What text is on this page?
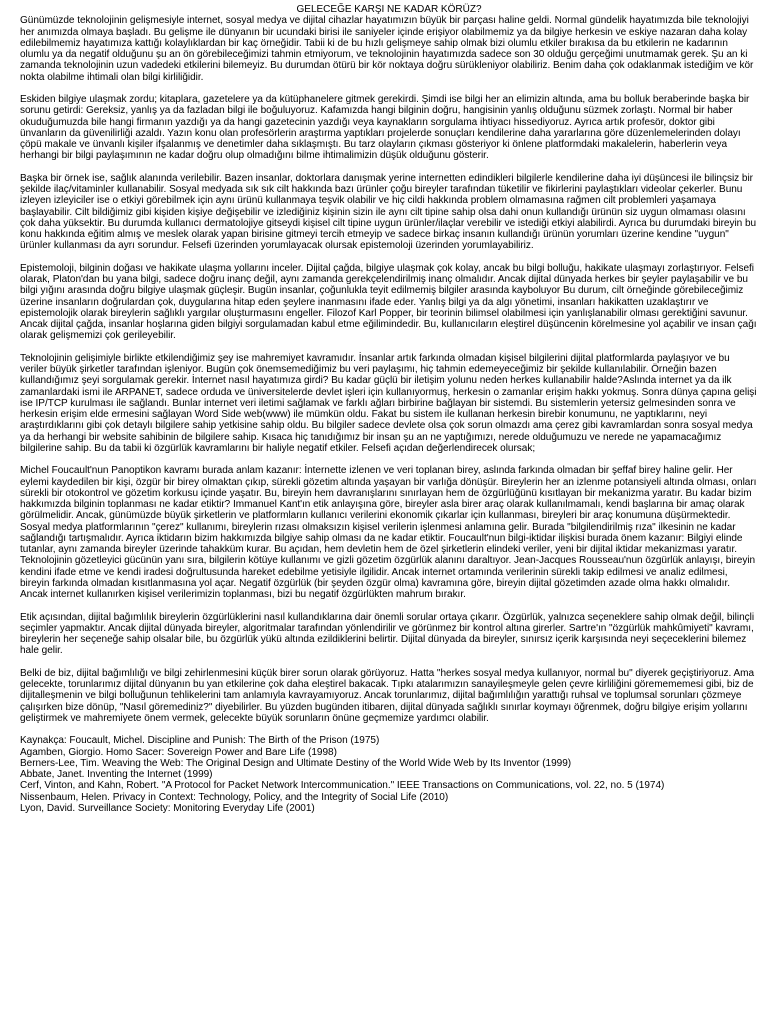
GELECEĞE KARŞI NE KADAR KÖRÜZ?

Günümüzde teknolojinin gelişmesiyle internet, sosyal medya ve dijital cihazlar hayatımızın büyük bir parçası haline geldi. Normal gündelik hayatımızda bile teknolojiyi her anımızda olmaya başladı. Bu gelişme ile dünyanın bir ucundaki birisi ile saniyeler içinde erişiyor olabilmemiz ya da bilgiye herkesin ve eskiye nazaran daha kolay edilebilmemiz hayatımıza kattığı kolaylıklardan bir kaç örneğidir. Tabii ki de bu hızlı gelişmeye sahip olmak bizi olumlu etkiler bırakısa da bu etkilerin ne kadarının olumlu ya da negatif olduğunu şu an ön görebileceğimizi tahmin etmiyorum, ve teknolojinin hayatımızda sadece son 30 olduğu gerçeğimi unutmamak gerek. Şu an ki zamanda teknolojinin uzun vadedeki etkilerini bilemeyiz. Bu durumdan ötürü bir kör noktaya doğru sürükleniyor olabiliriz. Benim daha çok odaklanmak istediğim ve kör nokta olabilme ihtimali olan bilgi kirliliğidir.

Eskiden bilgiye ulaşmak zordu; kitaplara, gazetelere ya da kütüphanelere gitmek gerekirdi. Şimdi ise bilgi her an elimizin altında, ama bu bolluk beraberinde başka bir sorunu getirdi: Gereksiz, yanlış ya da fazladan bilgi ile boğuluyoruz. Kafamızda hangi bilginin doğru, hangisinin yanlış olduğunu süzmek zorlaştı. Normal bir haber okuduğumuzda bile hangi firmanın yazdığı ya da hangi gazetecinin yazdığı veya kaynakların sorgulama ihtiyacı hissediyoruz. Ayrıca artık profesör, doktor gibi ünvanların da güvenilirliği azaldı. Yazın konu olan profesörlerin araştırma yaptıkları projelerde sonuçları kendilerine daha yararlarına göre düzenlemelerinden dolayı çöpü makale ve ünvanlı kişiler ifşalanmış ve denetimler daha sıklaşmıştı. Bu tarz olayların çıkması gösteriyor ki önlene platformdaki makalelerin, haberlerin veya herhangi bir bilgi paylaşımının ne kadar doğru olup olmadığını bilme ihtimalimizin düşük olduğunu gösterir.

Başka bir örnek ise, sağlık alanında verilebilir. Bazen insanlar, doktorlara danışmak yerine internetten edindikleri bilgilerle kendilerine daha iyi düşüncesi ile bilinçsiz bir şekilde ilaç/vitaminler kullanabilir. Sosyal medyada sık sık cilt hakkında bazı ürünler çoğu bireyler tarafından tüketilir ve fikirlerini paylaştıkları videolar çekerler. Bunu izleyen izleyiciler ise o etkiyi görebilmek için aynı ürünü kullanmaya teşvik olabilir ve hiç cildi hakkında problem olmamasına rağmen cilt problemleri yaşamaya başlayabilir. Cilt bildiğimiz gibi kişiden kişiye değişebilir ve izlediğiniz kişinin sizin ile aynı cilt tipine sahip olsa dahi onun kullandığı ürünün siz uygun olmaması olasını çok daha yüksektir. Bu durumda kullanıcı dermatolojiye gitseydi kişisel cilt tipine uygun ürünler/ilaçlar verebilir ve istediği etkiyi alabilirdi. Ayrıca bu durumdaki bireyin bu konu hakkında eğitim almış ve meslek olarak yapan birisine gitmeyi tercih etmeyip ve sadece birkaç insanın kullandığı ürünün yorumları üzerine kendine "uygun" ürünler kullanması da ayrı sorundur. Felsefi üzerinden yorumlayacak olursak epistemoloji üzerinden yorumlayabiliriz.

Epistemoloji, bilginin doğası ve hakikate ulaşma yollarını inceler. Dijital çağda, bilgiye ulaşmak çok kolay, ancak bu bilgi bolluğu, hakikate ulaşmayı zorlaştırıyor. Felsefi olarak, Platon'dan bu yana bilgi, sadece doğru inanç değil, aynı zamanda gerekçelendirilmiş inanç olmalıdır. Ancak dijital dünyada herkes bir şeyler paylaşabilir ve bu bilgi yığını arasında doğru bilgiye ulaşmak güçleşir. Bugün insanlar, çoğunlukla teyit edilmemiş bilgiler arasında kayboluyor Bu durum, cilt örneğinde görebileceğimiz üzerine insanların doğrulardan çok, duygularına hitap eden şeylere inanmasını ifade eder. Yanlış bilgi ya da algı yönetimi, insanları hakikatten uzaklaştırır ve epistemolojik olarak bireylerin sağlıklı yargılar oluşturmasını engeller. Filozof Karl Popper, bir teorinin bilimsel olabilmesi için yanlışlanabilir olması gerektiğini savunur. Ancak dijital çağda, insanlar hoşlarına giden bilgiyi sorgulamadan kabul etme eğilimindedir. Bu, kullanıcıların eleştirel düşüncenin körelmesine yol açabilir ve insan çağı olarak gelişmemizi çok gerileyebilir.

Teknolojinin gelişimiyle birlikte etkilendiğimiz şey ise mahremiyet kavramıdır. İnsanlar artık farkında olmadan kişisel bilgilerini dijital platformlarda paylaşıyor ve bu veriler büyük şirketler tarafından işleniyor. Bugün çok önemsemediğimiz bu veri paylaşımı, hiç tahmin edemeyeceğimiz bir şekilde kullanılabilir. Örneğin bazen kullandığımız şeyi sorgulamak gerekir. İnternet nasıl hayatımıza girdi? Bu kadar güçlü bir iletişim yolunu neden herkes kullanabilir halde?Aslında internet ya da ilk zamanlardaki ismi ile ARPANET, sadece orduda ve üniversitelerde devlet işleri için kullanıyormuş, herkesin o zamanlar erişim hakkı yokmuş. Sonra dünya çapına gelişi ise IP/TCP kurulması ile sağlandı. Bunlar internet veri iletimi sağlamak ve farklı ağları birbirine bağlayan bir sistemdi. Bu sistemlerin yetersiz gelmesinden sonra ve herkesin erişim elde ermesini sağlayan Word Side web(www) ile mümkün oldu. Fakat bu sistem ile kullanan herkesin birebir konumunu, ne yaptıklarını, neyi araştırdıklarını gibi çok detaylı bilgilere sahip yetkisine sahip oldu. Bu bilgiler sadece devlete olsa çok sorun olmazdı ama çerez gibi kavramlardan sonra sosyal medya ya da herhangi bir website sahibinin de bilgilere sahip. Kısaca hiç tanıdığımız bir insan şu an ne yaptığımızı, nerede olduğumuzu ve nerede ne yapamacağımız bilgilerine sahip. Bu da tabii ki özgürlük kavramlarını bir haliyle negatif etkiler. Felsefi açıdan değerlendirecek olursak;

Michel Foucault'nun Panoptikon kavramı burada anlam kazanır: İnternette izlenen ve veri toplanan birey, aslında farkında olmadan bir şeffaf birey haline gelir. Her eylemi kaydedilen bir kişi, özgür bir birey olmaktan çıkıp, sürekli gözetim altında yaşayan bir varlığa dönüşür. Bireylerin her an izlenme potansiyeli altında olması, onları sürekli bir otokontrol ve gözetim korkusu içinde yaşatır. Bu, bireyin hem davranışlarını sınırlayan hem de özgürlüğünü kısıtlayan bir mekanizma yaratır. Bu kadar bizim hakkımızda bilginin toplanması ne kadar etiktir? Immanuel Kant'ın etik anlayışına göre, bireyler asla birer araç olarak kullanılmamalı, kendi başlarına bir amaç olarak görülmelidir. Ancak, günümüzde büyük şirketlerin ve platformların kullanıcı verilerini ekonomik çıkarlar için kullanması, bireyleri bir araç konumuna düşürmektedir. Sosyal medya platformlarının "çerez" kullanımı, bireylerin rızası olmaksızın kişisel verilerin işlenmesi anlamına gelir. Burada "bilgilendirilmiş rıza" ilkesinin ne kadar sağlandığı tartışmalıdır. Ayrıca iktidarın bizim hakkımızda bilgiye sahip olması da ne kadar etiktir. Foucault'nun bilgi-iktidar ilişkisi burada önem kazanır: Bilgiyi elinde tutanlar, aynı zamanda bireyler üzerinde tahakküm kurar. Bu açıdan, hem devletin hem de özel şirketlerin elindeki veriler, yeni bir dijital iktidar mekanizması yaratır. Teknolojinin gözetleyici gücünün yanı sıra, bilgilerin kötüye kullanımı ve gizli gözetim özgürlük alanını daraltıyor. Jean-Jacques Rousseau'nun özgürlük anlayışı, bireyin kendini ifade etme ve kendi iradesi doğrultusunda hareket edebilme yetisiyle ilgilidir. Ancak internet ortamında verilerinin sürekli takip edilmesi ve analiz edilmesi, bireyin farkında olmadan kısıtlanmasına yol açar. Negatif özgürlük (bir şeyden özgür olma) kavramına göre, bireyin dijital gözetimden azade olma hakkı olmalıdır. Ancak internet kullanırken kişisel verilerimizin toplanması, bizi bu negatif özgürlükten mahrum bırakır.

Etik açısından, dijital bağımlılık bireylerin özgürlüklerini nasıl kullandıklarına dair önemli sorular ortaya çıkarır. Özgürlük, yalnızca seçeneklere sahip olmak değil, bilinçli seçimler yapmaktır. Ancak dijital dünyada bireyler, algoritmalar tarafından yönlendirilir ve görünmez bir kontrol altına girerler. Sartre'ın "özgürlük mahkûmiyeti" kavramı, bireylerin her seçeneğe sahip olsalar bile, bu özgürlük yükü altında ezildiklerini belirtir. Dijital dünyada da bireyler, sınırsız içerik karşısında neyi seçeceklerini bilemez hale gelir.

Belki de biz, dijital bağımlılığı ve bilgi zehirlenmesini küçük birer sorun olarak görüyoruz. Hatta "herkes sosyal medya kullanıyor, normal bu" diyerek geçiştiriyoruz. Ama gelecekte, torunlarımız dijital dünyanın bu yan etkilerine çok daha eleştirel bakacak. Tıpkı atalarımızın sanayileşmeyle gelen çevre kirliliğini göremememesi gibi, biz de dijitalleşmenin ve bilgi bolluğunun tehlikelerini tam anlamıyla kavrayamıyoruz. Ancak torunlarımız, dijital bağımlılığın yarattığı ruhsal ve toplumsal sorunları çözmeye çalışırken bize dönüp, "Nasıl göremediniz?" diyebilirler. Bu yüzden bugünden itibaren, dijital dünyada sağlıklı sınırlar koymayı öğrenmek, doğru bilgiye erişim yollarını geliştirmek ve mahremiyete önem vermek, gelecekte büyük sorunların önüne geçmemize yardımcı olabilir.

Kaynakça: Foucault, Michel. Discipline and Punish: The Birth of the Prison (1975)

Agamben, Giorgio. Homo Sacer: Sovereign Power and Bare Life (1998)

Berners-Lee, Tim. Weaving the Web: The Original Design and Ultimate Destiny of the World Wide Web by Its Inventor (1999)

Abbate, Janet. Inventing the Internet (1999)

Cerf, Vinton, and Kahn, Robert. "A Protocol for Packet Network Intercommunication." IEEE Transactions on Communications, vol. 22, no. 5 (1974)

Nissenbaum, Helen. Privacy in Context: Technology, Policy, and the Integrity of Social Life (2010)

Lyon, David. Surveillance Society: Monitoring Everyday Life (2001)
